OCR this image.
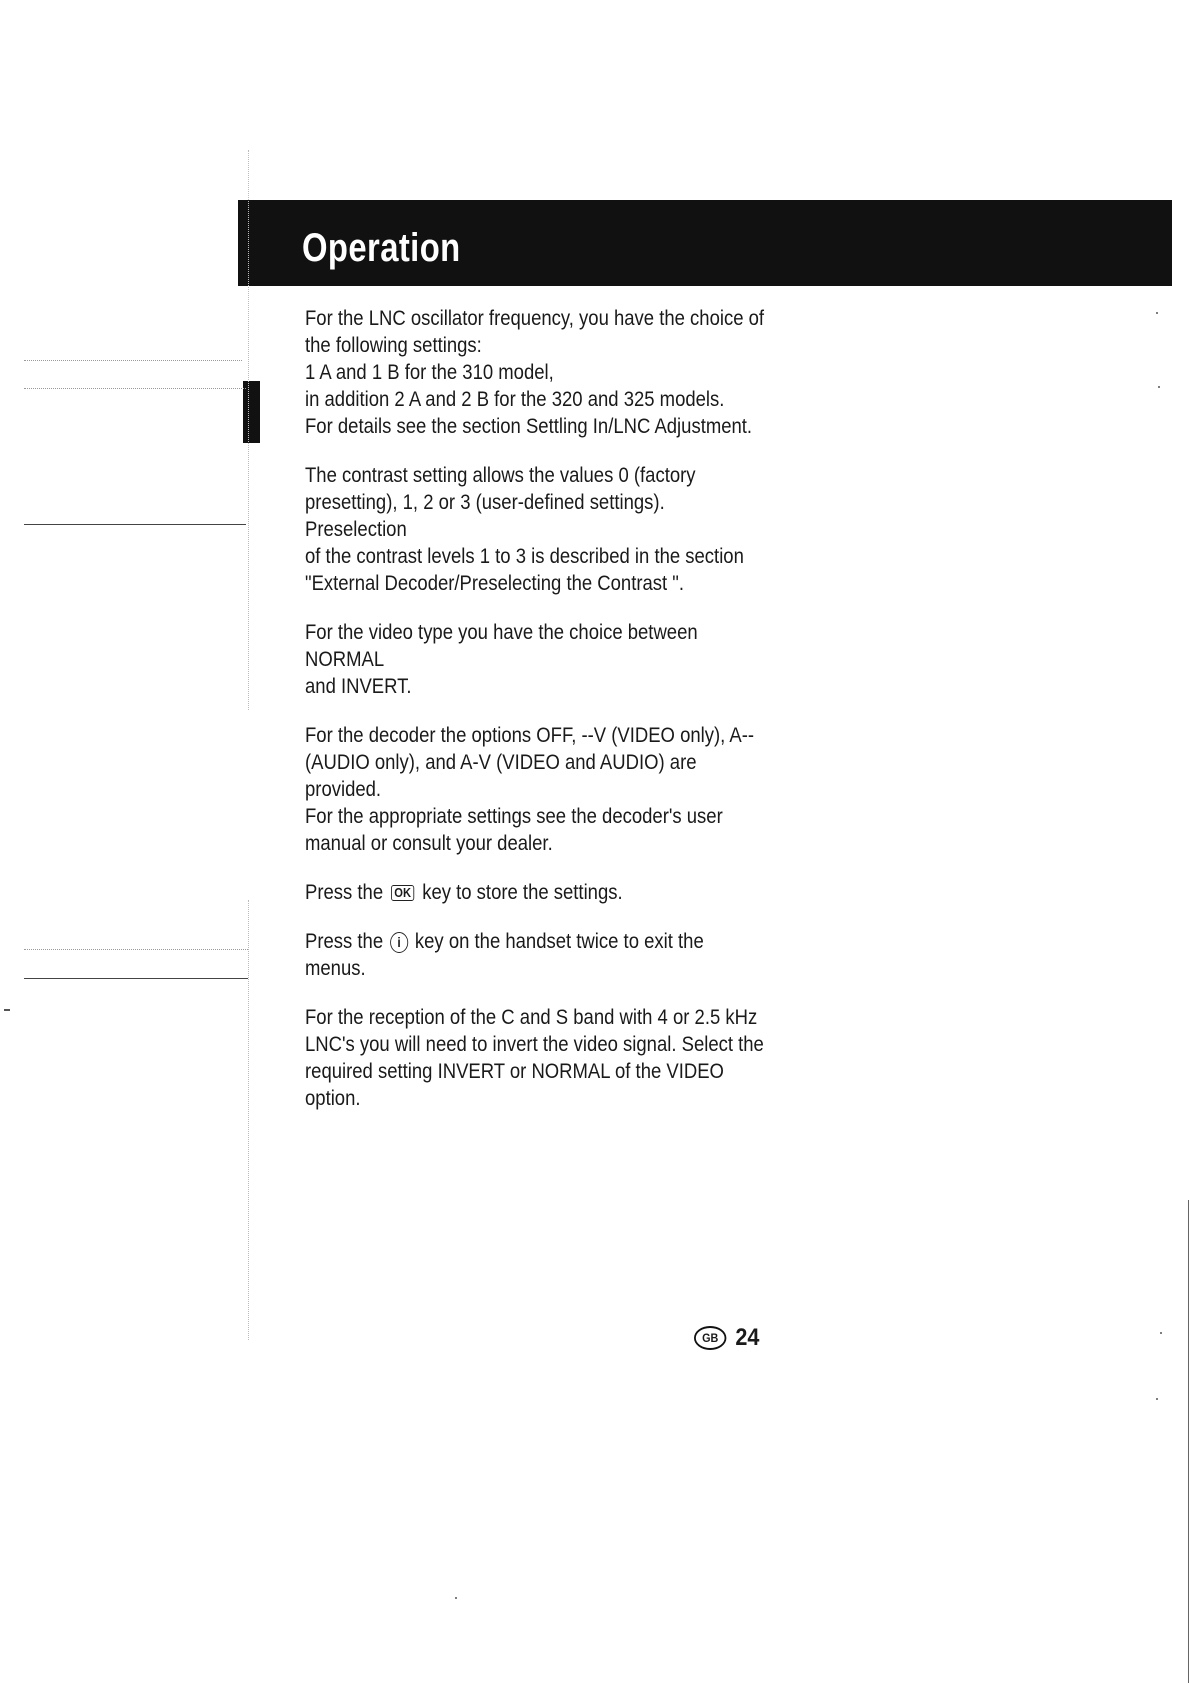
Operation

For the LNC oscillator frequency, you have the choice of
the following settings:
1 A and 1 B for the 310 model,
in addition 2 A and 2 B for the 320 and 325 models.
For details see the section Settling In/LNC Adjustment.

The contrast setting allows the values 0 (factory
presetting), 1, 2 or 3 (user-defined settings). Preselection
of the contrast levels 1 to 3 is described in the section
"External Decoder/Preselecting the Contrast ".

For the video type you have the choice between NORMAL
and INVERT.

For the decoder the options OFF, --V (VIDEO only), A--
(AUDIO only), and A-V (VIDEO and AUDIO) are provided.
For the appropriate settings see the decoder's user
manual or consult your dealer.

Press the OK key to store the settings.

Press the i key on the handset twice to exit the menus.

For the reception of the C and S band with 4 or 2.5 kHz
LNC's you will need to invert the video signal. Select the
required setting INVERT or NORMAL of the VIDEO
option.

GB 24
